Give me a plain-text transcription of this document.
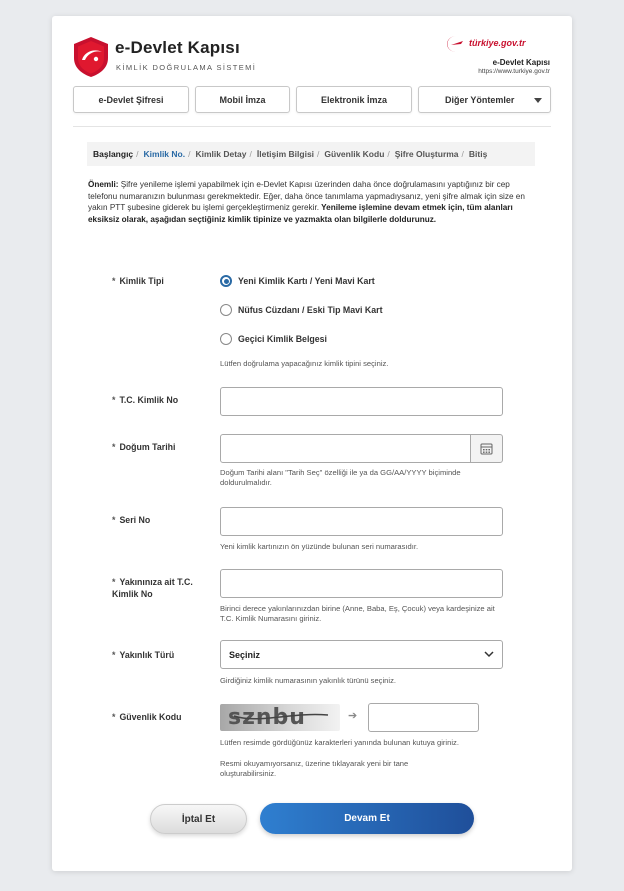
e-Devlet Kapısı
KİMLİK DOĞRULAMA SİSTEMİ
türkiye.gov.tr
e-Devlet Kapısı
https://www.turkiye.gov.tr
e-Devlet Şifresi	Mobil İmza	Elektronik İmza	Diğer Yöntemler
Başlangıç / Kimlik No. / Kimlik Detay / İletişim Bilgisi / Güvenlik Kodu / Şifre Oluşturma / Bitiş
Önemli: Şifre yenileme işlemi yapabilmek için e-Devlet Kapısı üzerinden daha önce doğrulamasını yaptığınız bir cep telefonu numaranızın bulunması gerekmektedir. Eğer, daha önce tanımlama yapmadıysanız, yeni şifre almak için size en yakın PTT şubesine giderek bu işlemi gerçekleştirmeniz gerekir. Yenileme işlemine devam etmek için, tüm alanları eksiksiz olarak, aşağıdan seçtiğiniz kimlik tipinize ve yazmakta olan bilgilerle doldurunuz.
* Kimlik Tipi	Yeni Kimlik Kartı / Yeni Mavi Kart
Nüfus Cüzdanı / Eski Tip Mavi Kart
Geçici Kimlik Belgesi
Lütfen doğrulama yapacağınız kimlik tipini seçiniz.
* T.C. Kimlik No
* Doğum Tarihi
Doğum Tarihi alanı "Tarih Seç" özelliği ile ya da GG/AA/YYYY biçiminde doldurulmalıdır.
* Seri No
Yeni kimlik kartınızın ön yüzünde bulunan seri numarasıdır.
* Yakınınıza ait T.C. Kimlik No
Birinci derece yakınlarınızdan birine (Anne, Baba, Eş, Çocuk) veya kardeşinize ait T.C. Kimlik Numarasını giriniz.
* Yakınlık Türü	Seçiniz
Girdiğiniz kimlik numarasının yakınlık türünü seçiniz.
* Güvenlik Kodu sznbu	➔
Lütfen resimde gördüğünüz karakterleri yanında bulunan kutuya giriniz.
Resmi okuyamıyorsanız, üzerine tıklayarak yeni bir tane oluşturabilirsiniz.
İptal Et	Devam Et
